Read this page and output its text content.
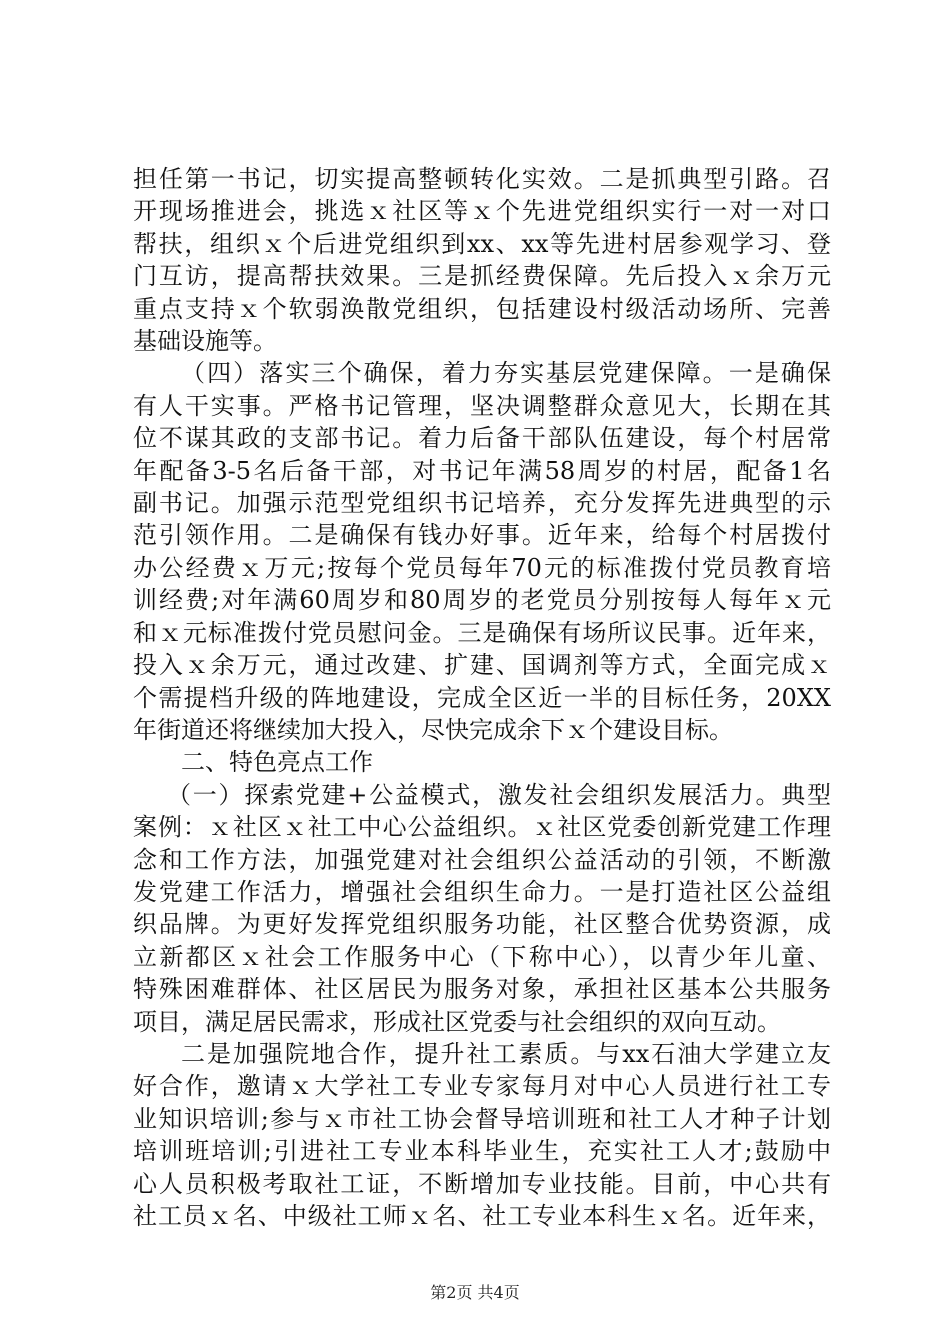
担任第一书记，切实提高整顿转化实效。二是抓典型引路。召
开现场推进会，挑选ｘ社区等ｘ个先进党组织实行一对一对口
帮扶，组织ｘ个后进党组织到xx、xx等先进村居参观学习、登
门互访，提高帮扶效果。三是抓经费保障。先后投入ｘ余万元
重点支持ｘ个软弱涣散党组织，包括建设村级活动场所、完善
基础设施等。

（四）落实三个确保，着力夯实基层党建保障。一是确保
有人干实事。严格书记管理，坚决调整群众意见大，长期在其
位不谋其政的支部书记。着力后备干部队伍建设，每个村居常
年配备3-5名后备干部，对书记年满58周岁的村居，配备1名
副书记。加强示范型党组织书记培养，充分发挥先进典型的示
范引领作用。二是确保有钱办好事。近年来，给每个村居拨付
办公经费ｘ万元;按每个党员每年70元的标准拨付党员教育培
训经费;对年满60周岁和80周岁的老党员分别按每人每年ｘ元
和ｘ元标准拨付党员慰问金。三是确保有场所议民事。近年来，
投入ｘ余万元，通过改建、扩建、国调剂等方式，全面完成ｘ
个需提档升级的阵地建设，完成全区近一半的目标任务，20XX
年街道还将继续加大投入，尽快完成余下ｘ个建设目标。

二、特色亮点工作

（一）探索党建+公益模式，激发社会组织发展活力。典型
案例：ｘ社区ｘ社工中心公益组织。ｘ社区党委创新党建工作理
念和工作方法，加强党建对社会组织公益活动的引领，不断激
发党建工作活力，增强社会组织生命力。一是打造社区公益组
织品牌。为更好发挥党组织服务功能，社区整合优势资源，成
立新都区ｘ社会工作服务中心（下称中心），以青少年儿童、
特殊困难群体、社区居民为服务对象，承担社区基本公共服务
项目，满足居民需求，形成社区党委与社会组织的双向互动。

二是加强院地合作，提升社工素质。与xx石油大学建立友
好合作，邀请ｘ大学社工专业专家每月对中心人员进行社工专
业知识培训;参与ｘ市社工协会督导培训班和社工人才种子计划
培训班培训;引进社工专业本科毕业生，充实社工人才;鼓励中
心人员积极考取社工证，不断增加专业技能。目前，中心共有
社工员ｘ名、中级社工师ｘ名、社工专业本科生ｘ名。近年来，

第2页 共4页
